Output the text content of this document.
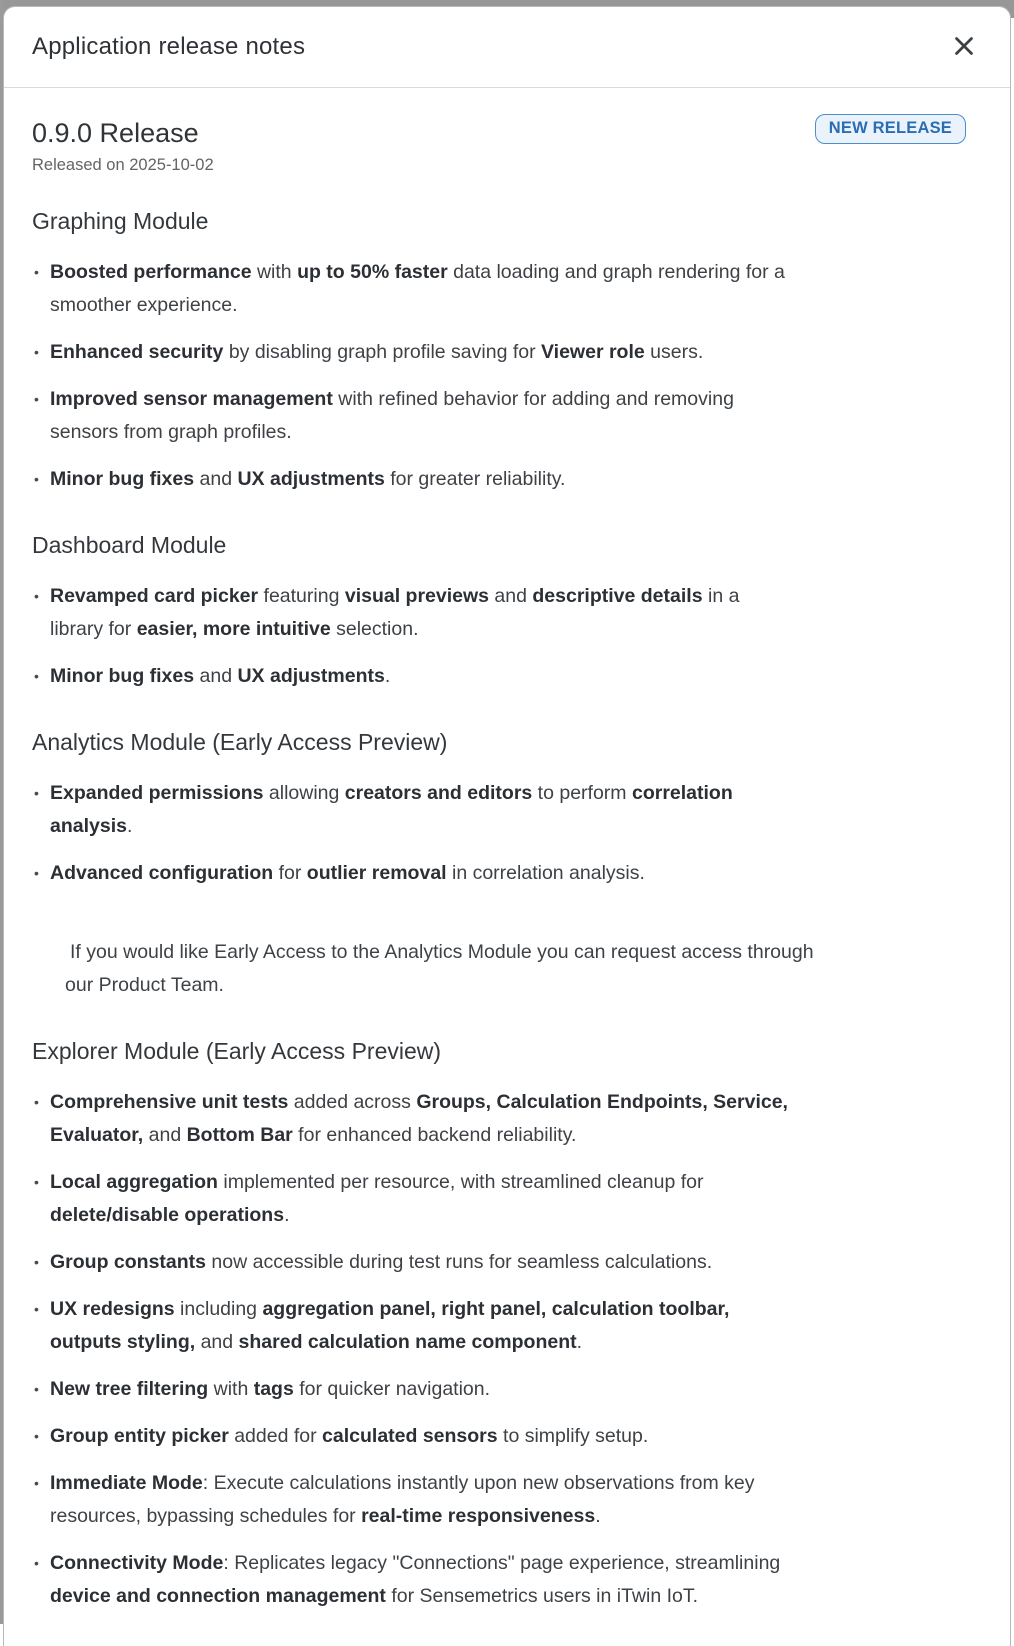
Application release notes
0.9.0 Release	NEW RELEASE
Released on 2025-10-02
Graphing Module
• Boosted performance with up to 50% faster data loading and graph rendering for a
smoother experience.
• Enhanced security by disabling graph profile saving for Viewer role users.
• Improved sensor management with refined behavior for adding and removing
sensors from graph profiles.
• Minor bug fixes and UX adjustments for greater reliability.
Dashboard Module
• Revamped card picker featuring visual previews and descriptive details in a
library for easier, more intuitive selection.
• Minor bug fixes and UX adjustments.
Analytics Module (Early Access Preview)
• Expanded permissions allowing creators and editors to perform correlation
analysis.
• Advanced configuration for outlier removal in correlation analysis.
If you would like Early Access to the Analytics Module you can request access through
our Product Team.
Explorer Module (Early Access Preview)
• Comprehensive unit tests added across Groups, Calculation Endpoints, Service,
Evaluator, and Bottom Bar for enhanced backend reliability.
• Local aggregation implemented per resource, with streamlined cleanup for
delete/disable operations.
• Group constants now accessible during test runs for seamless calculations.
• UX redesigns including aggregation panel, right panel, calculation toolbar,
outputs styling, and shared calculation name component.
• New tree filtering with tags for quicker navigation.
• Group entity picker added for calculated sensors to simplify setup.
• Immediate Mode: Execute calculations instantly upon new observations from key
resources, bypassing schedules for real-time responsiveness.
• Connectivity Mode: Replicates legacy "Connections" page experience, streamlining
device and connection management for Sensemetrics users in iTwin IoT.
